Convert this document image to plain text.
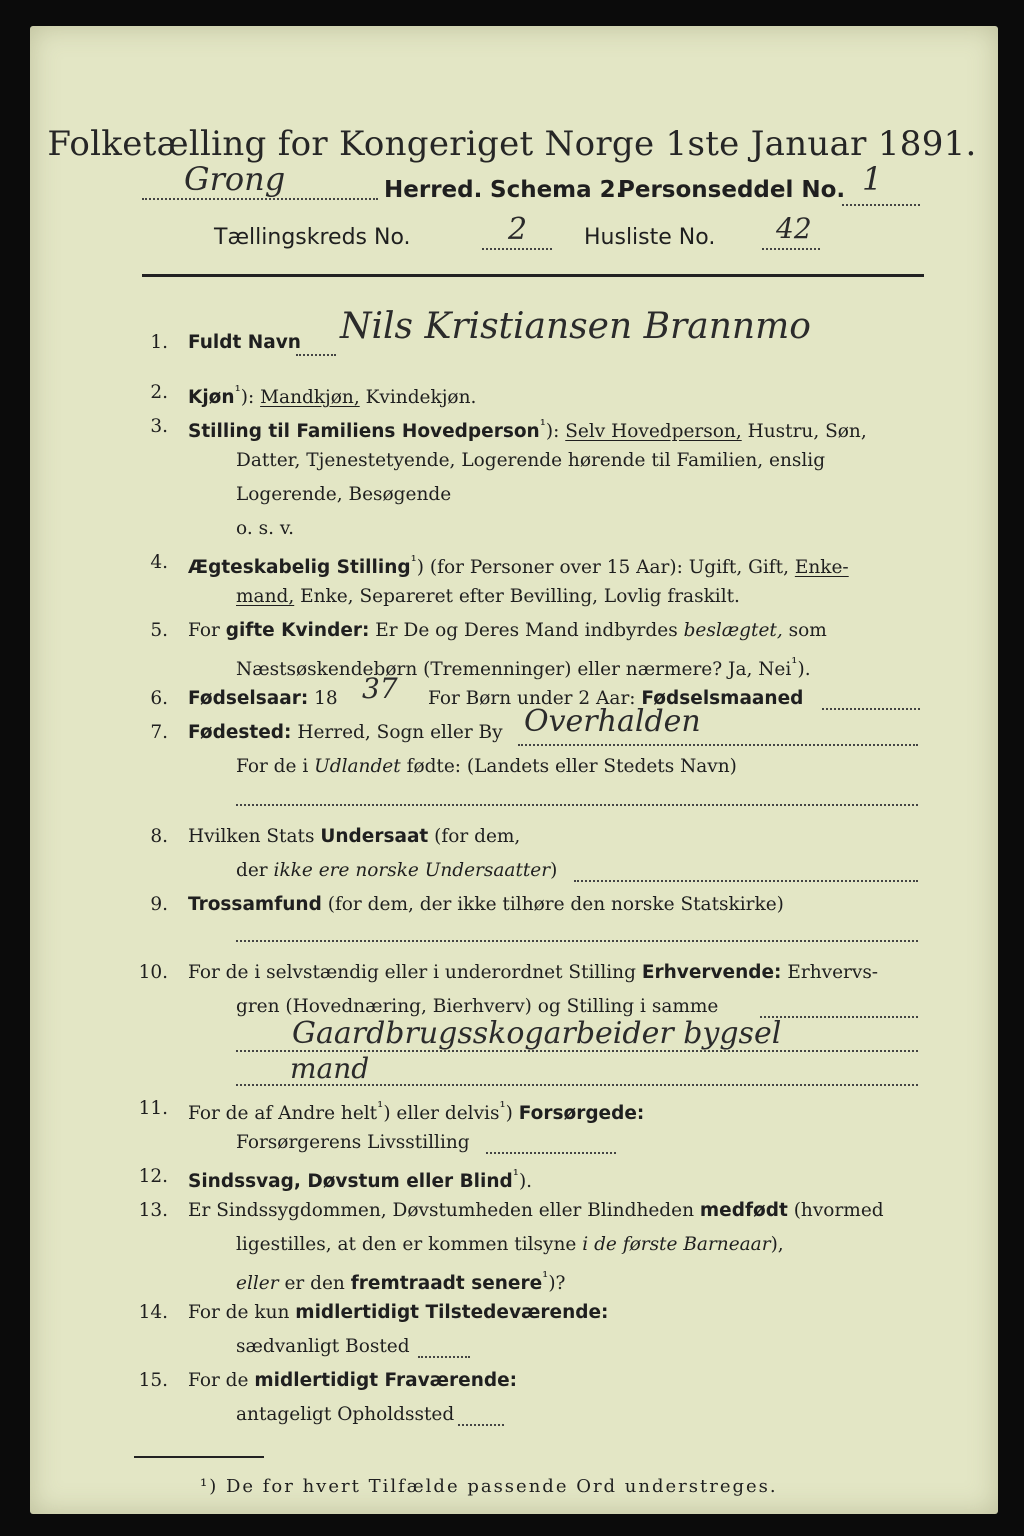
Folketælling for Kongeriget Norge 1ste Januar 1891.
Grong	Herred. Schema 2.
Personseddel No. 1
Tællingskreds No.	2	Husliste No. 42
1. Fuldt Navn Nils Kristiansen Brannmo
2. Kjøn$^{^1}$): Mandkjøn, Kvindekjøn.
3. Stilling til Familiens Hovedperson$^{^1}$): Selv Hovedperson, Hustru, Søn,
Datter, Tjenestetyende, Logerende hørende til Familien, enslig
Logerende, Besøgende
o. s. v.
4. Ægteskabelig Stilling$^{^1}$) (for Personer over 15 Aar): Ugift, Gift, Enke-
mand, Enke, Separeret efter Bevilling, Lovlig fraskilt.
5. For gifte Kvinder: Er De og Deres Mand indbyrdes beslægtet, som
Næstsøskendebørn (Tremenninger) eller nærmere? Ja, Nei$^{^1}$).
6. Fødselsaar: 18 37 For Børn under 2 Aar: Fødselsmaaned
7. Fødested: Herred, Sogn eller By Overhalden
For de i Udlandet fødte: (Landets eller Stedets Navn)
8. Hvilken Stats Undersaat (for dem,
der ikke ere norske Undersaatter)
9. Trossamfund (for dem, der ikke tilhøre den norske Statskirke)
10. For de i selvstændig eller i underordnet Stilling Erhvervende: Erhvervs-
gren (Hovednæring, Bierhverv) og Stilling i samme
Gaardbrugsskogarbeider bygsel
mand
11. For de af Andre helt$^{^1}$) eller delvis$^{^1}$) Forsørgede:
Forsørgerens Livsstilling
12. Sindssvag, Døvstum eller Blind$^{^1}$).
13. Er Sindssygdommen, Døvstumheden eller Blindheden medfødt (hvormed
ligestilles, at den er kommen tilsyne i de første Barneaar),
eller er den fremtraadt senere$^{^1}$)?
14. For de kun midlertidigt Tilstedeværende:
sædvanligt Bosted
15. For de midlertidigt Fraværende:
antageligt Opholdssted
¹) De for hvert Tilfælde passende Ord understreges.
